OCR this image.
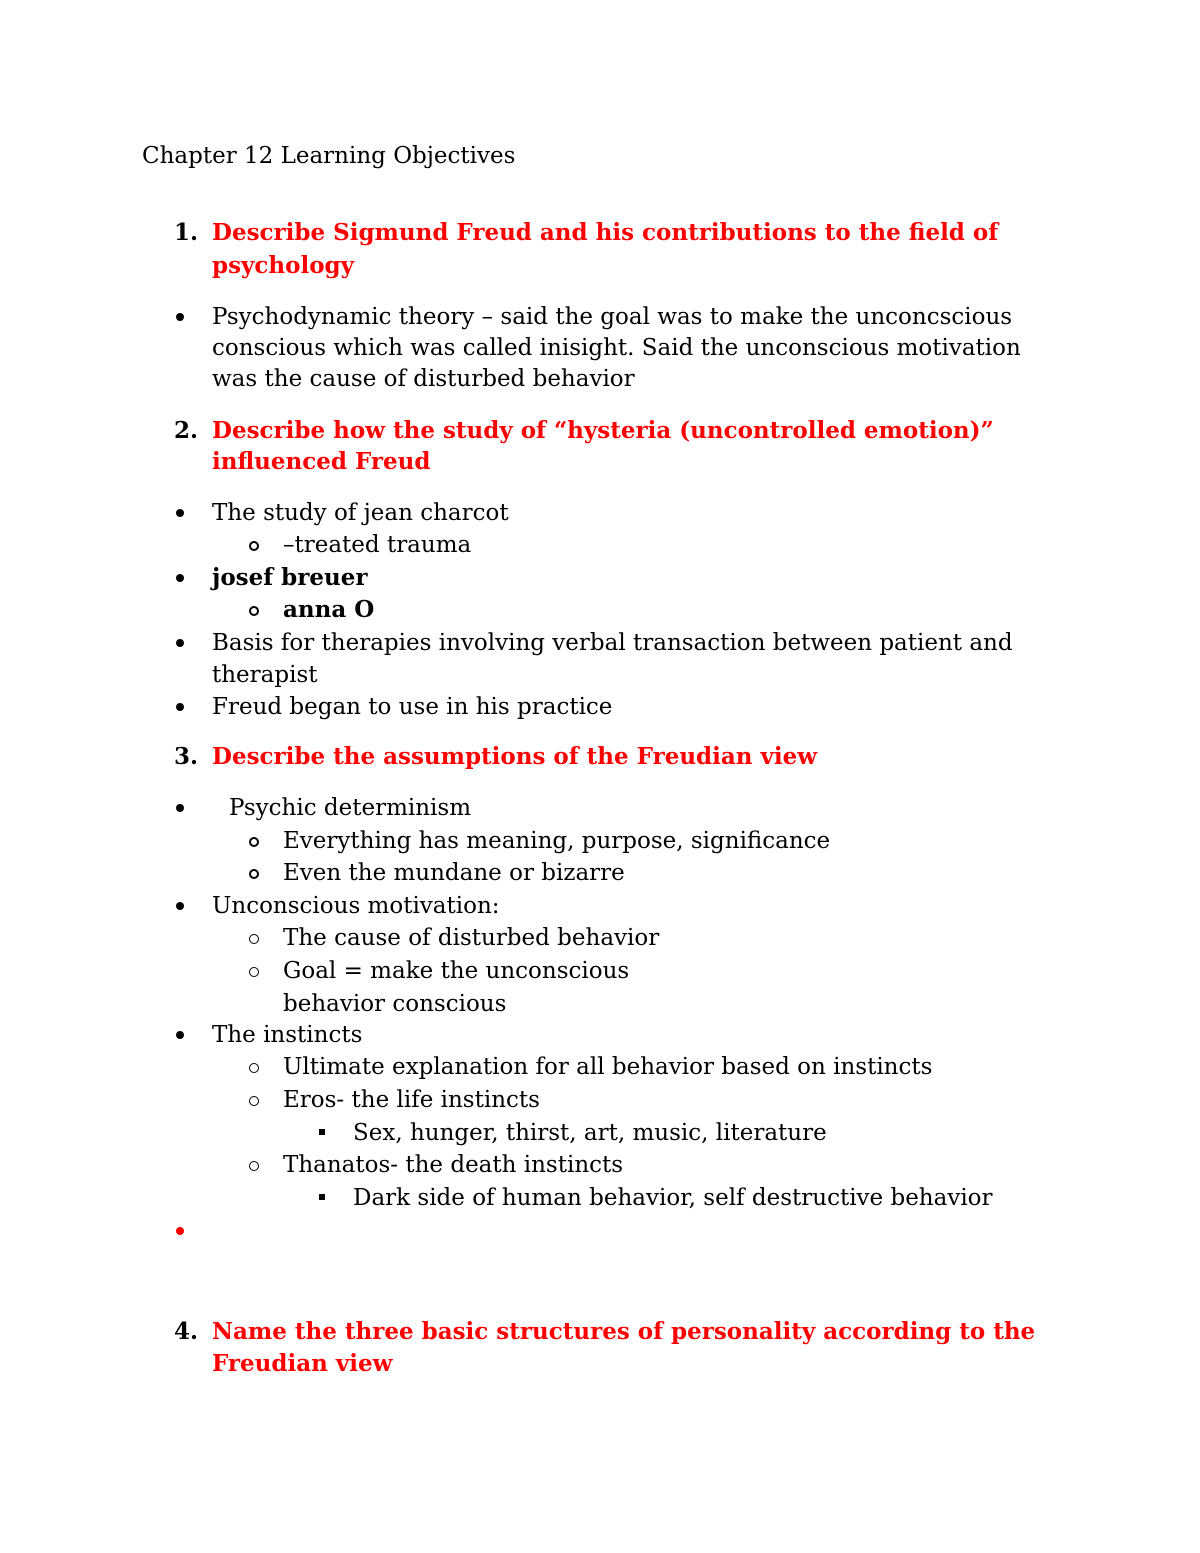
Chapter 12 Learning Objectives
1. Describe Sigmund Freud and his contributions to the field of
psychology
Psychodynamic theory – said the goal was to make the unconcscious
conscious which was called inisight. Said the unconscious motivation
was the cause of disturbed behavior
2. Describe how the study of “hysteria (uncontrolled emotion)”
influenced Freud
The study of jean charcot
–treated trauma
josef breuer
anna O
Basis for therapies involving verbal transaction between patient and
therapist
Freud began to use in his practice
3. Describe the assumptions of the Freudian view
Psychic determinism
Everything has meaning, purpose, significance
Even the mundane or bizarre
Unconscious motivation:
The cause of disturbed behavior
Goal = make the unconscious
behavior conscious
The instincts
Ultimate explanation for all behavior based on instincts
Eros- the life instincts
Sex, hunger, thirst, art, music, literature
Thanatos- the death instincts
Dark side of human behavior, self destructive behavior
4. Name the three basic structures of personality according to the
Freudian view
